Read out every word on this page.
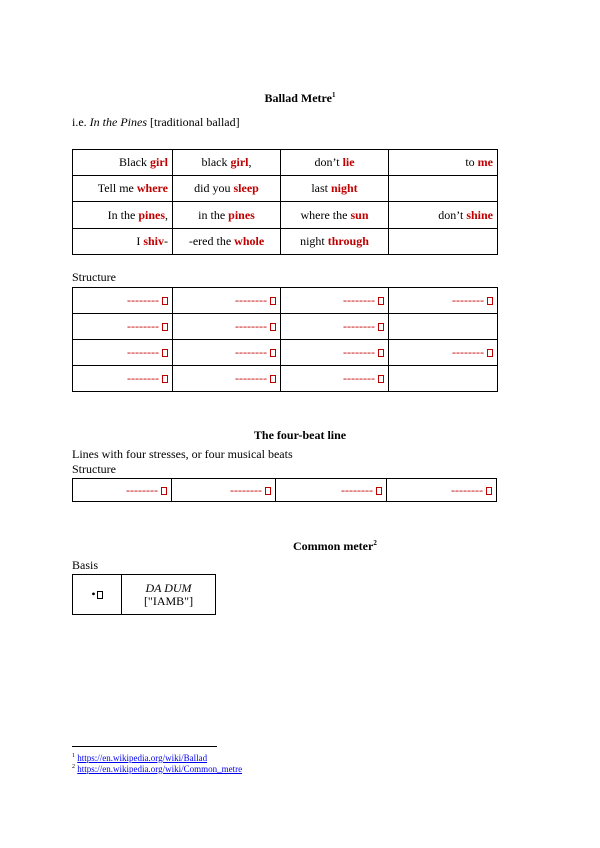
Ballad Metre$^1$
i.e. In the Pines [traditional ballad]
Black girl	black girl,	don’t lie	to me
Tell me where	did you sleep	last night	
In the pines,	in the pines	where the sun	don’t shine
I shiv-	-ered the whole	night through	
Structure
--------	--------	--------	--------
--------	--------	--------	
--------	--------	--------	--------
--------	--------	--------	
The four-beat line
Lines with four stresses, or four musical beats
Structure
--------	--------	--------	--------
Common meter$^2$
Basis
•	DA DUM
["IAMB"]
$^1$ https://en.wikipedia.org/wiki/Ballad
$^2$ https://en.wikipedia.org/wiki/Common_metre
